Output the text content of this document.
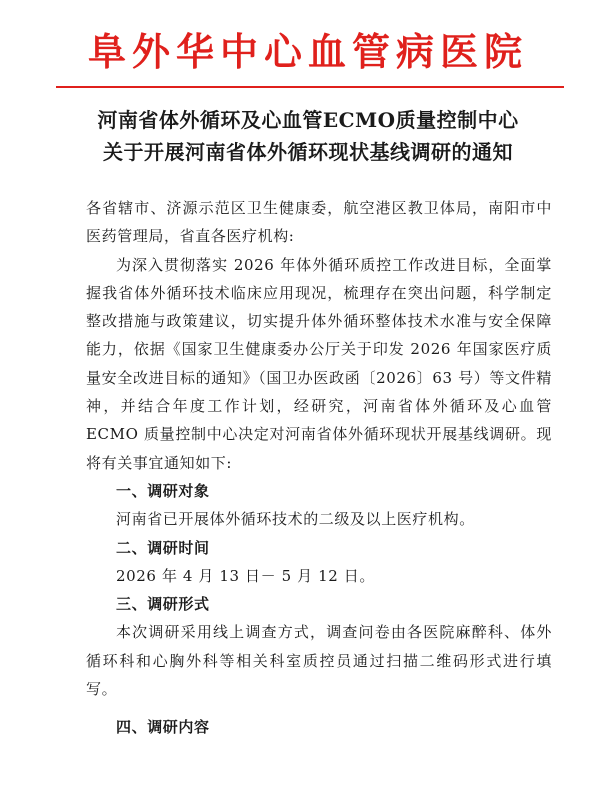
阜外华中心血管病医院
河南省体外循环及心血管ECMO质量控制中心
关于开展河南省体外循环现状基线调研的通知

各省辖市、济源示范区卫生健康委，航空港区教卫体局，南阳市中医药管理局，省直各医疗机构:

为深入贯彻落实 2026 年体外循环质控工作改进目标，全面掌握我省体外循环技术临床应用现况，梳理存在突出问题，科学制定整改措施与政策建议，切实提升体外循环整体技术水准与安全保障能力，依据《国家卫生健康委办公厅关于印发 2026 年国家医疗质量安全改进目标的通知》（国卫办医政函〔2026〕63 号）等文件精神，并结合年度工作计划，经研究，河南省体外循环及心血管 ECMO 质量控制中心决定对河南省体外循环现状开展基线调研。现将有关事宜通知如下:

一、调研对象

河南省已开展体外循环技术的二级及以上医疗机构。

二、调研时间

2026 年 4 月 13 日－ 5 月 12 日。

三、调研形式

本次调研采用线上调查方式，调查问卷由各医院麻醉科、体外循环科和心胸外科等相关科室质控员通过扫描二维码形式进行填写。

四、调研内容
